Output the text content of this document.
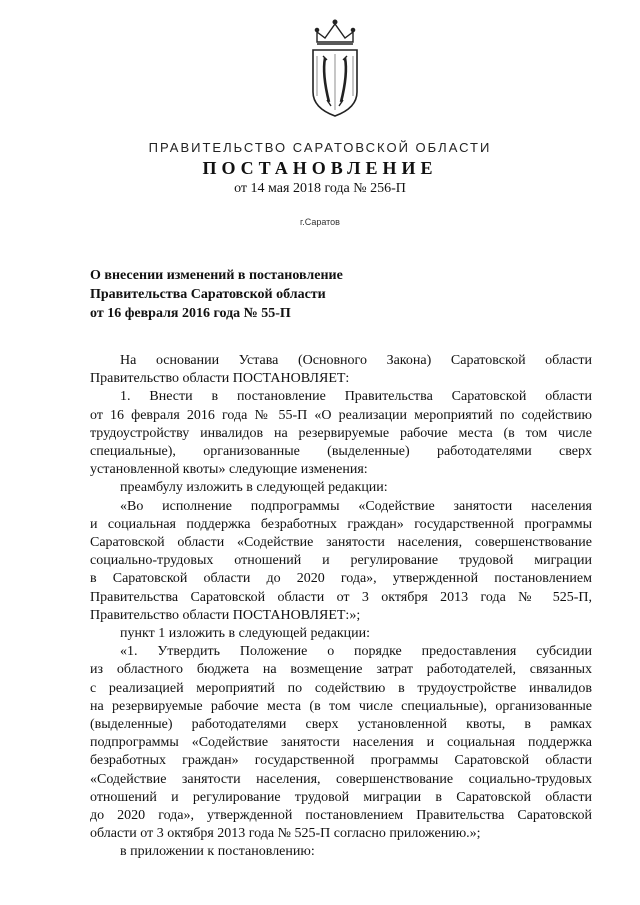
ПРАВИТЕЛЬСТВО САРАТОВСКОЙ ОБЛАСТИ
ПОСТАНОВЛЕНИЕ
от 14 мая 2018 года № 256-П
г.Саратов
О внесении изменений в постановление
Правительства Саратовской области
от 16 февраля 2016 года № 55-П
На основании Устава (Основного Закона) Саратовской области
Правительство области ПОСТАНОВЛЯЕТ:
1. Внести в постановление Правительства Саратовской области
от 16 февраля 2016 года № 55-П «О реализации мероприятий по содействию
трудоустройству инвалидов на резервируемые рабочие места (в том числе
специальные), организованные (выделенные) работодателями сверх
установленной квоты» следующие изменения:
преамбулу изложить в следующей редакции:
«Во исполнение подпрограммы «Содействие занятости населения
и социальная поддержка безработных граждан» государственной программы
Саратовской области «Содействие занятости населения, совершенствование
социально-трудовых отношений и регулирование трудовой миграции
в Саратовской области до 2020 года», утвержденной постановлением
Правительства Саратовской области от 3 октября 2013 года № 525-П,
Правительство области ПОСТАНОВЛЯЕТ:»;
пункт 1 изложить в следующей редакции:
«1. Утвердить Положение о порядке предоставления субсидии
из областного бюджета на возмещение затрат работодателей, связанных
с реализацией мероприятий по содействию в трудоустройстве инвалидов
на резервируемые рабочие места (в том числе специальные), организованные
(выделенные) работодателями сверх установленной квоты, в рамках
подпрограммы «Содействие занятости населения и социальная поддержка
безработных граждан» государственной программы Саратовской области
«Содействие занятости населения, совершенствование социально-трудовых
отношений и регулирование трудовой миграции в Саратовской области
до 2020 года», утвержденной постановлением Правительства Саратовской
области от 3 октября 2013 года № 525-П согласно приложению.»;
в приложении к постановлению:
